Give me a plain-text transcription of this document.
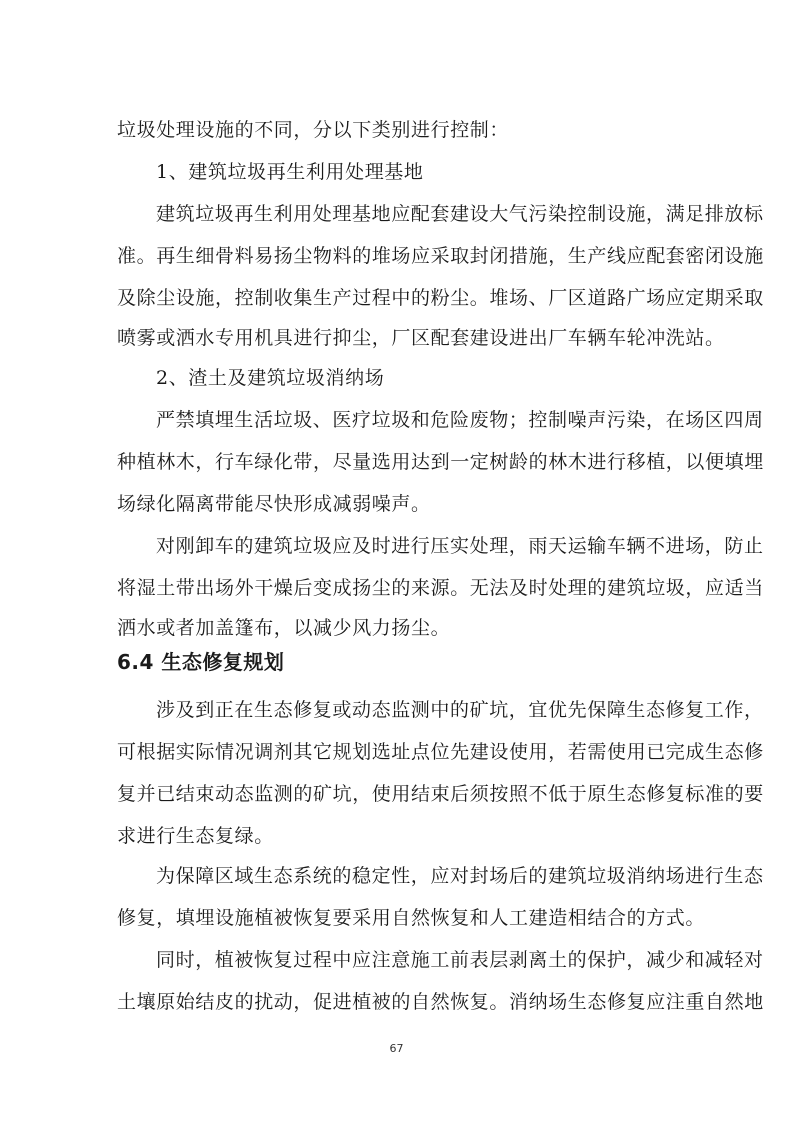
垃圾处理设施的不同，分以下类别进行控制：
1、建筑垃圾再生利用处理基地
建筑垃圾再生利用处理基地应配套建设大气污染控制设施，满足排放标
准。再生细骨料易扬尘物料的堆场应采取封闭措施，生产线应配套密闭设施
及除尘设施，控制收集生产过程中的粉尘。堆场、厂区道路广场应定期采取
喷雾或洒水专用机具进行抑尘，厂区配套建设进出厂车辆车轮冲洗站。
2、渣土及建筑垃圾消纳场
严禁填埋生活垃圾、医疗垃圾和危险废物；控制噪声污染，在场区四周
种植林木，行车绿化带，尽量选用达到一定树龄的林木进行移植，以便填埋
场绿化隔离带能尽快形成减弱噪声。
对刚卸车的建筑垃圾应及时进行压实处理，雨天运输车辆不进场，防止
将湿土带出场外干燥后变成扬尘的来源。无法及时处理的建筑垃圾，应适当
洒水或者加盖篷布，以减少风力扬尘。
6.4 生态修复规划
涉及到正在生态修复或动态监测中的矿坑，宜优先保障生态修复工作，
可根据实际情况调剂其它规划选址点位先建设使用，若需使用已完成生态修
复并已结束动态监测的矿坑，使用结束后须按照不低于原生态修复标准的要
求进行生态复绿。
为保障区域生态系统的稳定性，应对封场后的建筑垃圾消纳场进行生态
修复，填埋设施植被恢复要采用自然恢复和人工建造相结合的方式。
同时，植被恢复过程中应注意施工前表层剥离土的保护，减少和减轻对
土壤原始结皮的扰动，促进植被的自然恢复。消纳场生态修复应注重自然地
67
